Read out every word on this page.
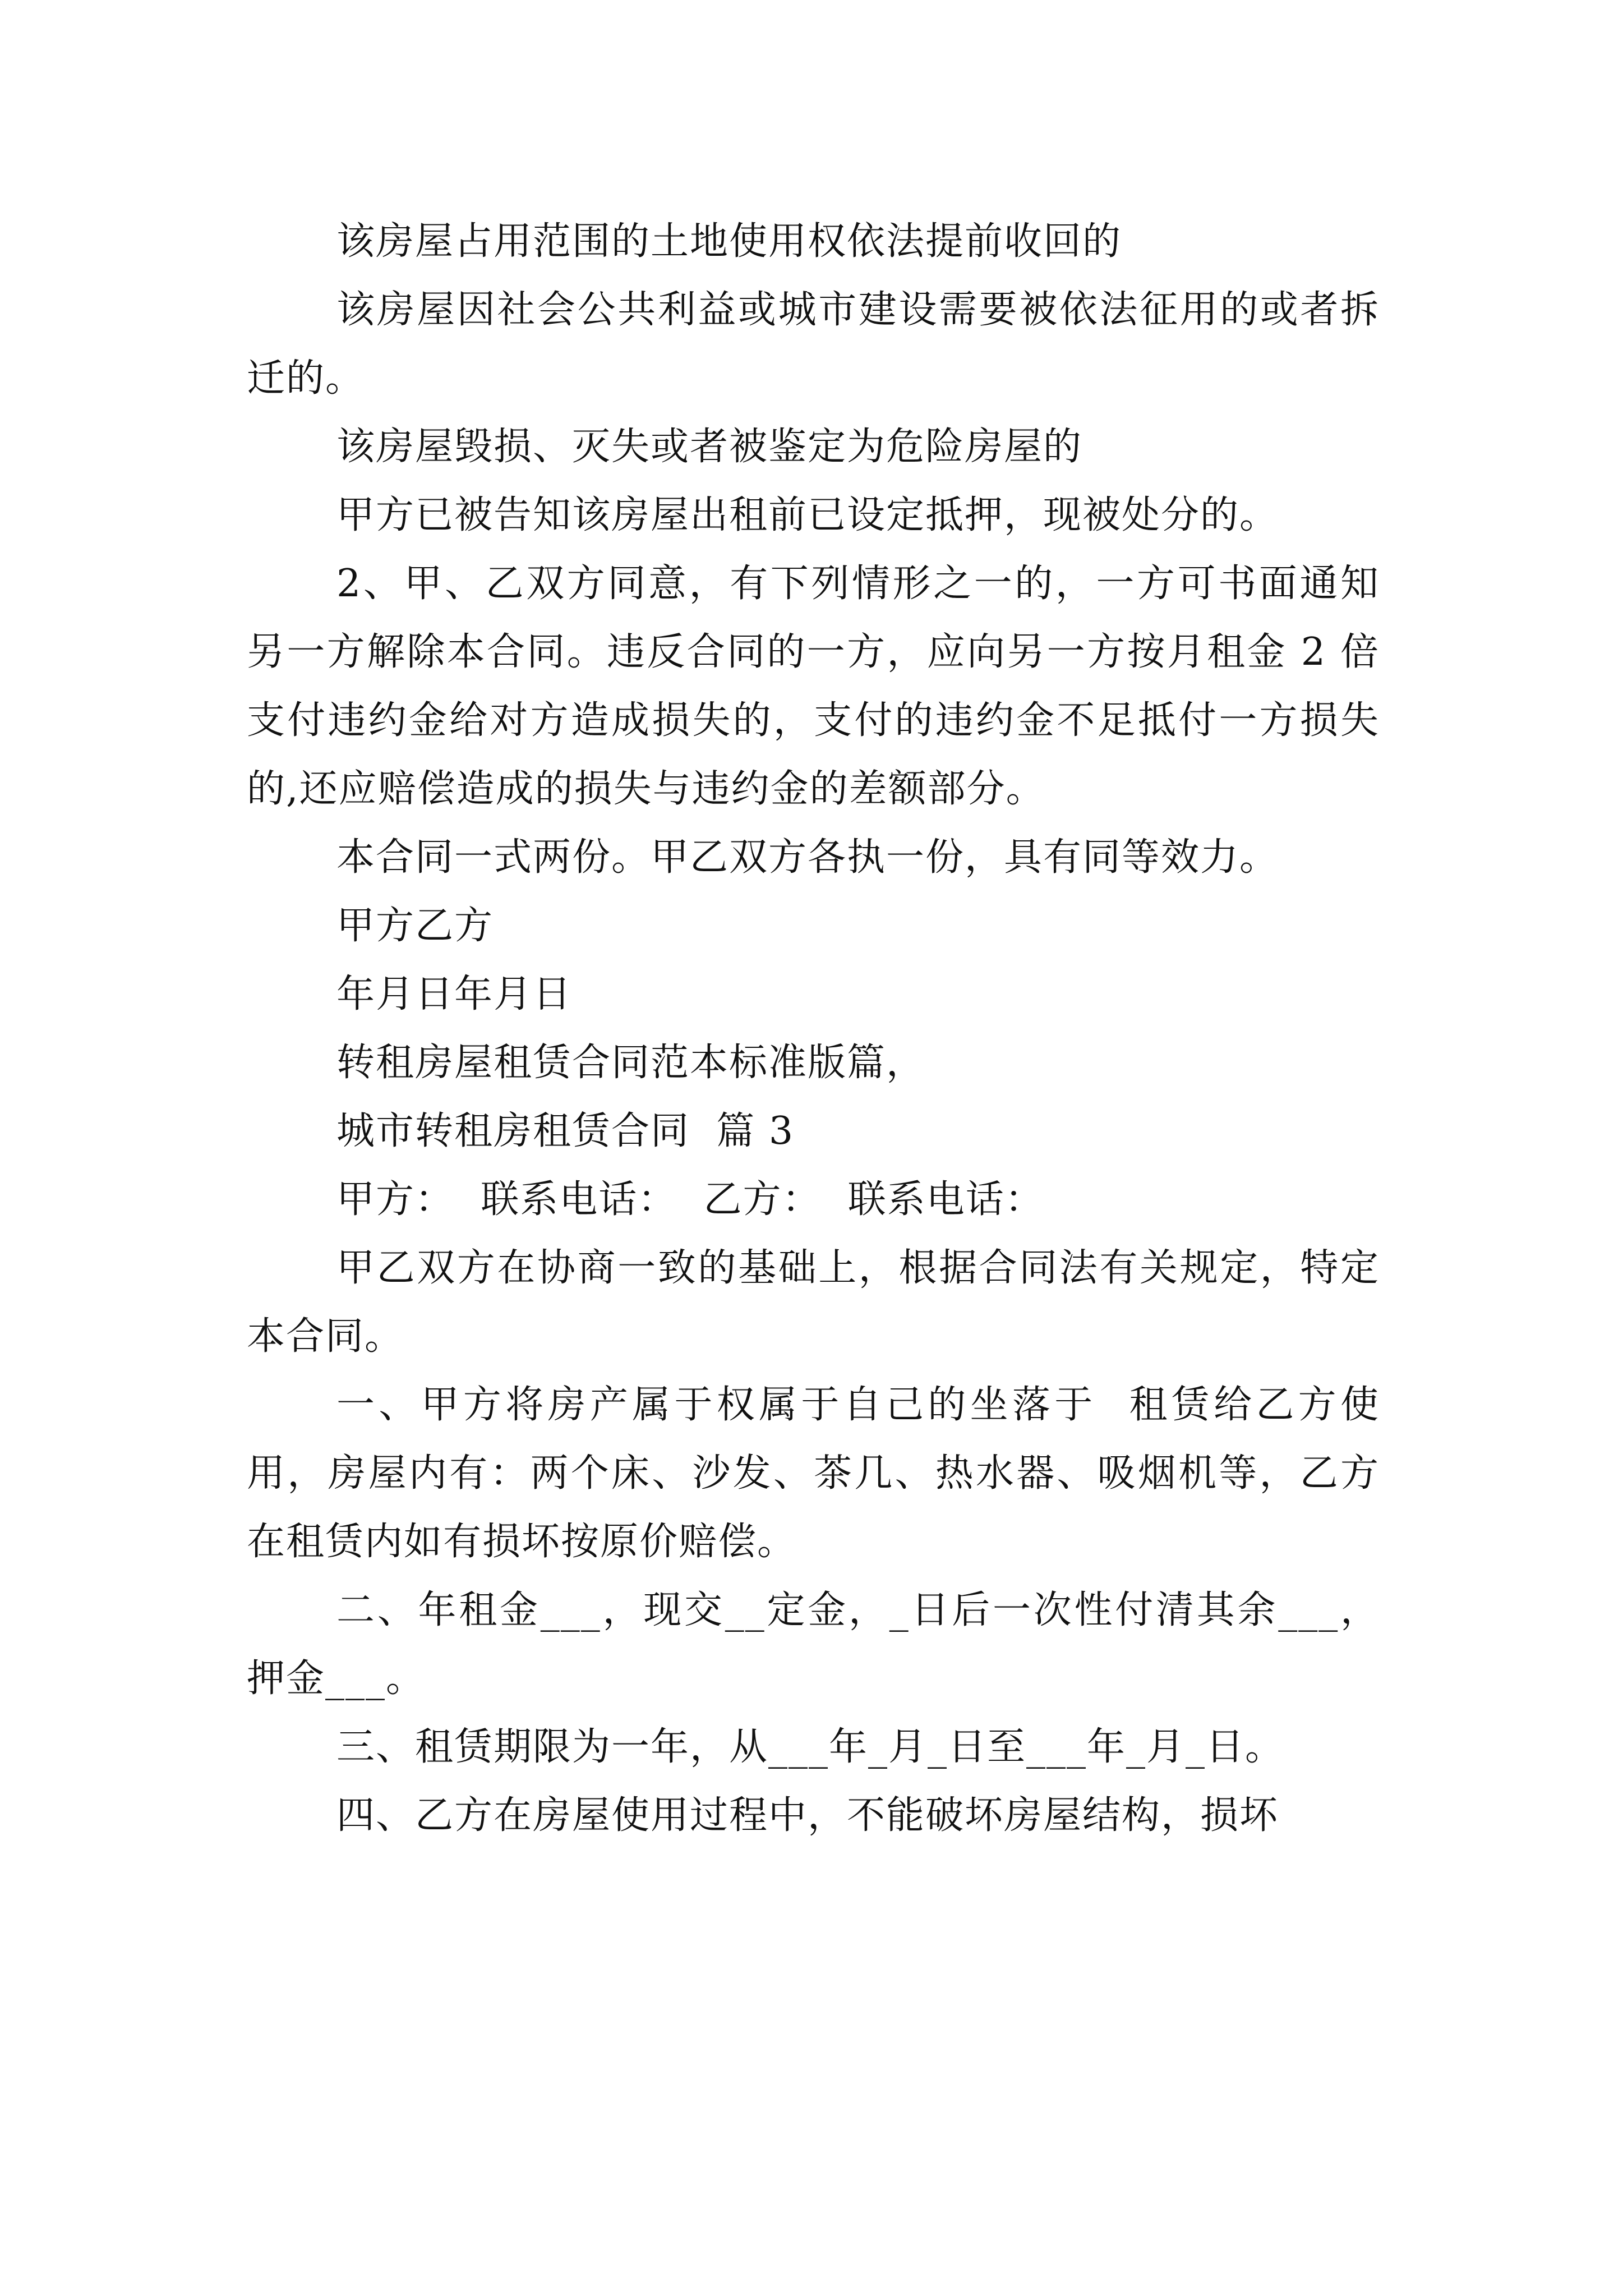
该房屋占用范围的土地使用权依法提前收回的

该房屋因社会公共利益或城市建设需要被依法征用的或者拆迁的。

该房屋毁损、灭失或者被鉴定为危险房屋的

甲方已被告知该房屋出租前已设定抵押，现被处分的。

2、甲、乙双方同意，有下列情形之一的，一方可书面通知另一方解除本合同。违反合同的一方，应向另一方按月租金 2 倍支付违约金给对方造成损失的，支付的违约金不足抵付一方损失的,还应赔偿造成的损失与违约金的差额部分。

本合同一式两份。甲乙双方各执一份，具有同等效力。

甲方乙方

年月日年月日

转租房屋租赁合同范本标准版篇，

城市转租房租赁合同  篇 3

甲方：  联系电话：  乙方：  联系电话：

甲乙双方在协商一致的基础上，根据合同法有关规定，特定本合同。

一、甲方将房产属于权属于自己的坐落于  租赁给乙方使用，房屋内有：两个床、沙发、茶几、热水器、吸烟机等，乙方在租赁内如有损坏按原价赔偿。

二、年租金___，现交__定金，_日后一次性付清其余___，押金___。

三、租赁期限为一年，从___年_月_日至___年_月_日。

四、乙方在房屋使用过程中，不能破坏房屋结构，损坏
